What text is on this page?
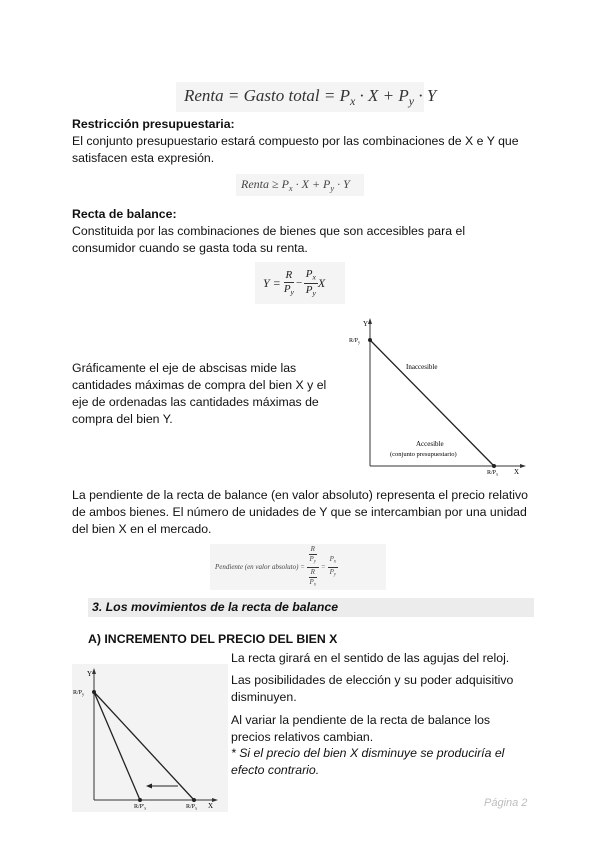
Renta = Gasto total = $P_x \cdot X + P_y \cdot Y$
Restricción presupuestaria:

El conjunto presupuestario estará compuesto por las combinaciones de X e Y que satisfacen esta expresión.

Renta ≥ $P_x \cdot X + P_y \cdot Y$
Recta de balance:

Constituida por las combinaciones de bienes que son accesibles para el consumidor cuando se gasta toda su renta.

Y =
$\frac{R}{P_y} - \frac{P_x}{P_y}$ X

Gráficamente el eje de abscisas mide las cantidades máximas de compra del bien X y el eje de ordenadas las cantidades máximas de compra del bien Y.

Y
X
$R/P_y$
$R/P_x$
Inaccesible
Accesible
(conjunto presupuestario)

La pendiente de la recta de balance (en valor absoluto) representa el precio relativo de ambos bienes. El número de unidades de Y que se intercambian por una unidad del bien X en el mercado.

Pendiente (en valor absoluto) =
$\frac{\frac{R}{P_y}}{\frac{R}{P_x}} = \frac{P_x}{P_y}$
3. Los movimientos de la recta de balance
A) INCREMENTO DEL PRECIO DEL BIEN X
Y
X
$R/P_y$
$R/P'_x$	$R/P_x$

La recta girará en el sentido de las agujas del reloj.

Las posibilidades de elección y su poder adquisitivo disminuyen.

Al variar la pendiente de la recta de balance los precios relativos cambian.

* Si el precio del bien X disminuye se produciría el efecto contrario.

Página 2
